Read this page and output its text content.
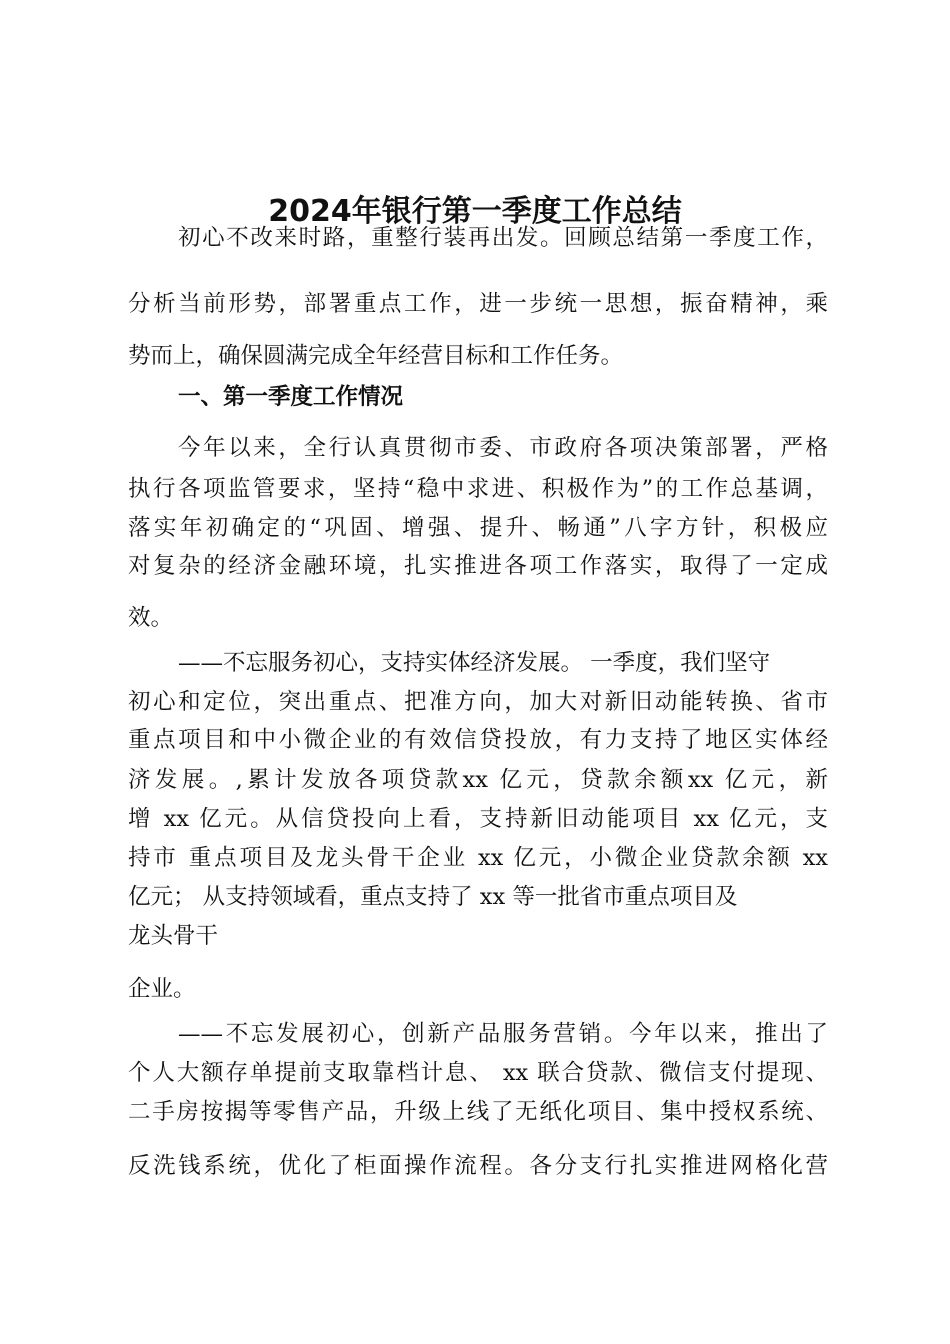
2024年银行第一季度工作总结
初心不改来时路，重整行装再出发。回顾总结第一季度工作，
分析当前形势，部署重点工作，进一步统一思想，振奋精神，乘
势而上，确保圆满完成全年经营目标和工作任务。
一、第一季度工作情况
今年以来，全行认真贯彻市委、市政府各项决策部署，严格
执行各项监管要求，坚持“稳中求进、积极作为”的工作总基调，
落实年初确定的“巩固、增强、提升、畅通”八字方针，积极应
对复杂的经济金融环境，扎实推进各项工作落实，取得了一定成
效。
——不忘服务初心，支持实体经济发展。 一季度，我们坚守
初心和定位，突出重点、把准方向，加大对新旧动能转换、省市
重点项目和中小微企业的有效信贷投放，有力支持了地区实体经
济发展。,累计发放各项贷款xx 亿元，贷款余额xx 亿元，新
增 xx 亿元。从信贷投向上看，支持新旧动能项目 xx 亿元，支
持市 重点项目及龙头骨干企业 xx 亿元，小微企业贷款余额 xx
亿元； 从支持领域看，重点支持了 xx 等一批省市重点项目及
龙头骨干
企业。
——不忘发展初心，创新产品服务营销。今年以来，推出了
个人大额存单提前支取靠档计息、 xx 联合贷款、微信支付提现、
二手房按揭等零售产品，升级上线了无纸化项目、集中授权系统、
反洗钱系统，优化了柜面操作流程。各分支行扎实推进网格化营
